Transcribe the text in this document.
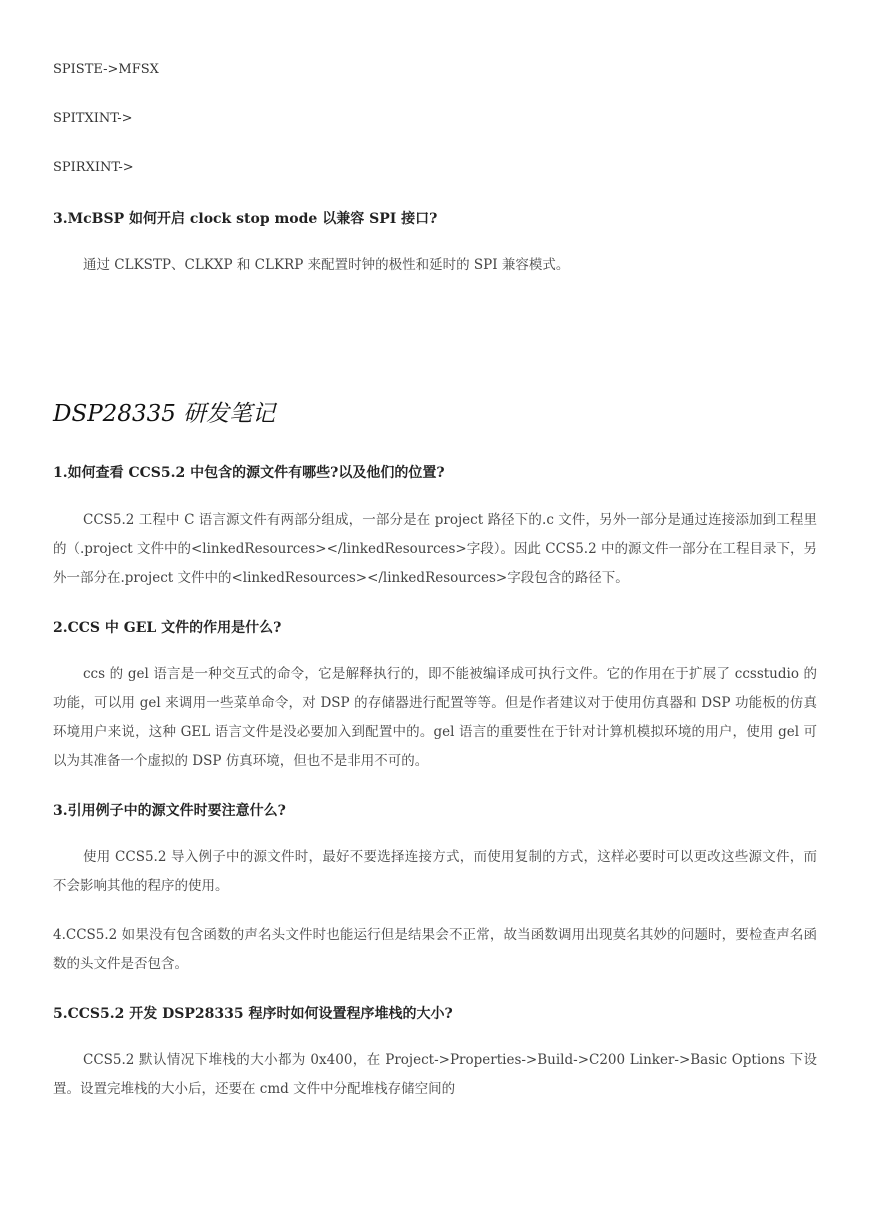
SPISTE->MFSX
SPITXINT->
SPIRXINT->
3.McBSP 如何开启 clock stop mode 以兼容 SPI 接口?
通过 CLKSTP、CLKXP 和 CLKRP 来配置时钟的极性和延时的 SPI 兼容模式。
DSP28335 研发笔记
1.如何查看 CCS5.2 中包含的源文件有哪些?以及他们的位置?
CCS5.2 工程中 C 语言源文件有两部分组成，一部分是在 project 路径下的.c 文件，另外一部分是通过连接添加到工程里的（.project 文件中的<linkedResources></linkedResources>字段）。因此 CCS5.2 中的源文件一部分在工程目录下，另外一部分在.project 文件中的<linkedResources></linkedResources>字段包含的路径下。
2.CCS 中 GEL 文件的作用是什么?
ccs 的 gel 语言是一种交互式的命令，它是解释执行的，即不能被编译成可执行文件。它的作用在于扩展了 ccsstudio 的功能，可以用 gel 来调用一些菜单命令，对 DSP 的存储器进行配置等等。但是作者建议对于使用仿真器和 DSP 功能板的仿真环境用户来说，这种 GEL 语言文件是没必要加入到配置中的。gel 语言的重要性在于针对计算机模拟环境的用户，使用 gel 可以为其准备一个虚拟的 DSP 仿真环境，但也不是非用不可的。
3.引用例子中的源文件时要注意什么?
使用 CCS5.2 导入例子中的源文件时，最好不要选择连接方式，而使用复制的方式，这样必要时可以更改这些源文件，而不会影响其他的程序的使用。
4.CCS5.2 如果没有包含函数的声名头文件时也能运行但是结果会不正常，故当函数调用出现莫名其妙的问题时，要检查声名函数的头文件是否包含。
5.CCS5.2 开发 DSP28335 程序时如何设置程序堆栈的大小?
CCS5.2 默认情况下堆栈的大小都为 0x400，在 Project->Properties->Build->C200 Linker->Basic Options 下设置。设置完堆栈的大小后，还要在 cmd 文件中分配堆栈存储空间的
